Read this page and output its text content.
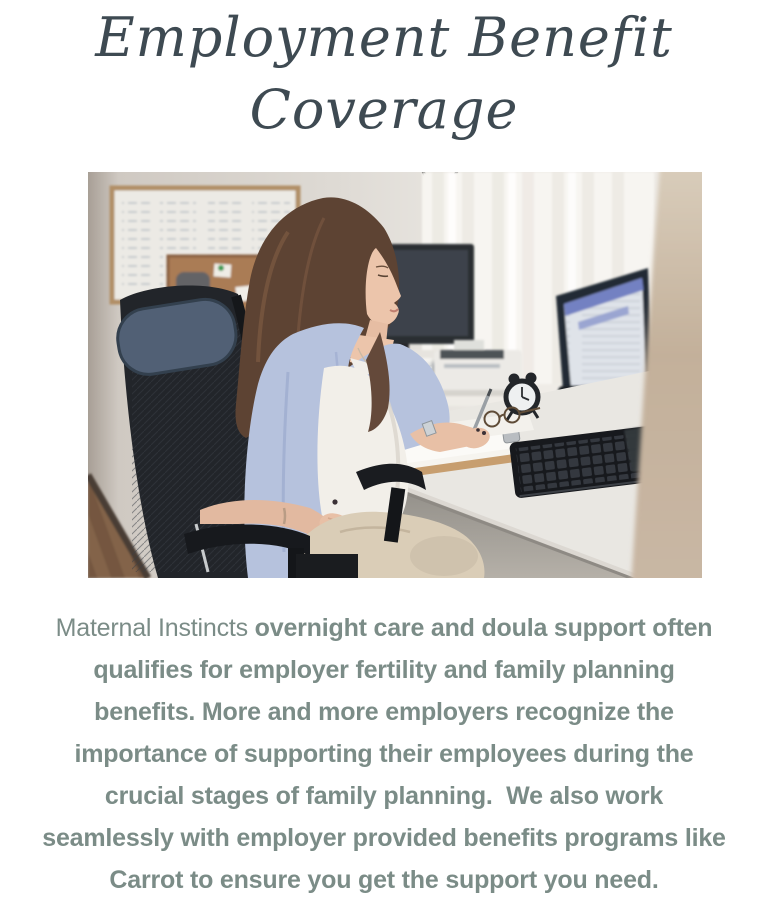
Employment Benefit
Coverage
Maternal Instincts overnight care and doula support often
qualifies for employer fertility and family planning
benefits. More and more employers recognize the
importance of supporting their employees during the
crucial stages of family planning.  We also work
seamlessly with employer provided benefits programs like
Carrot to ensure you get the support you need.
